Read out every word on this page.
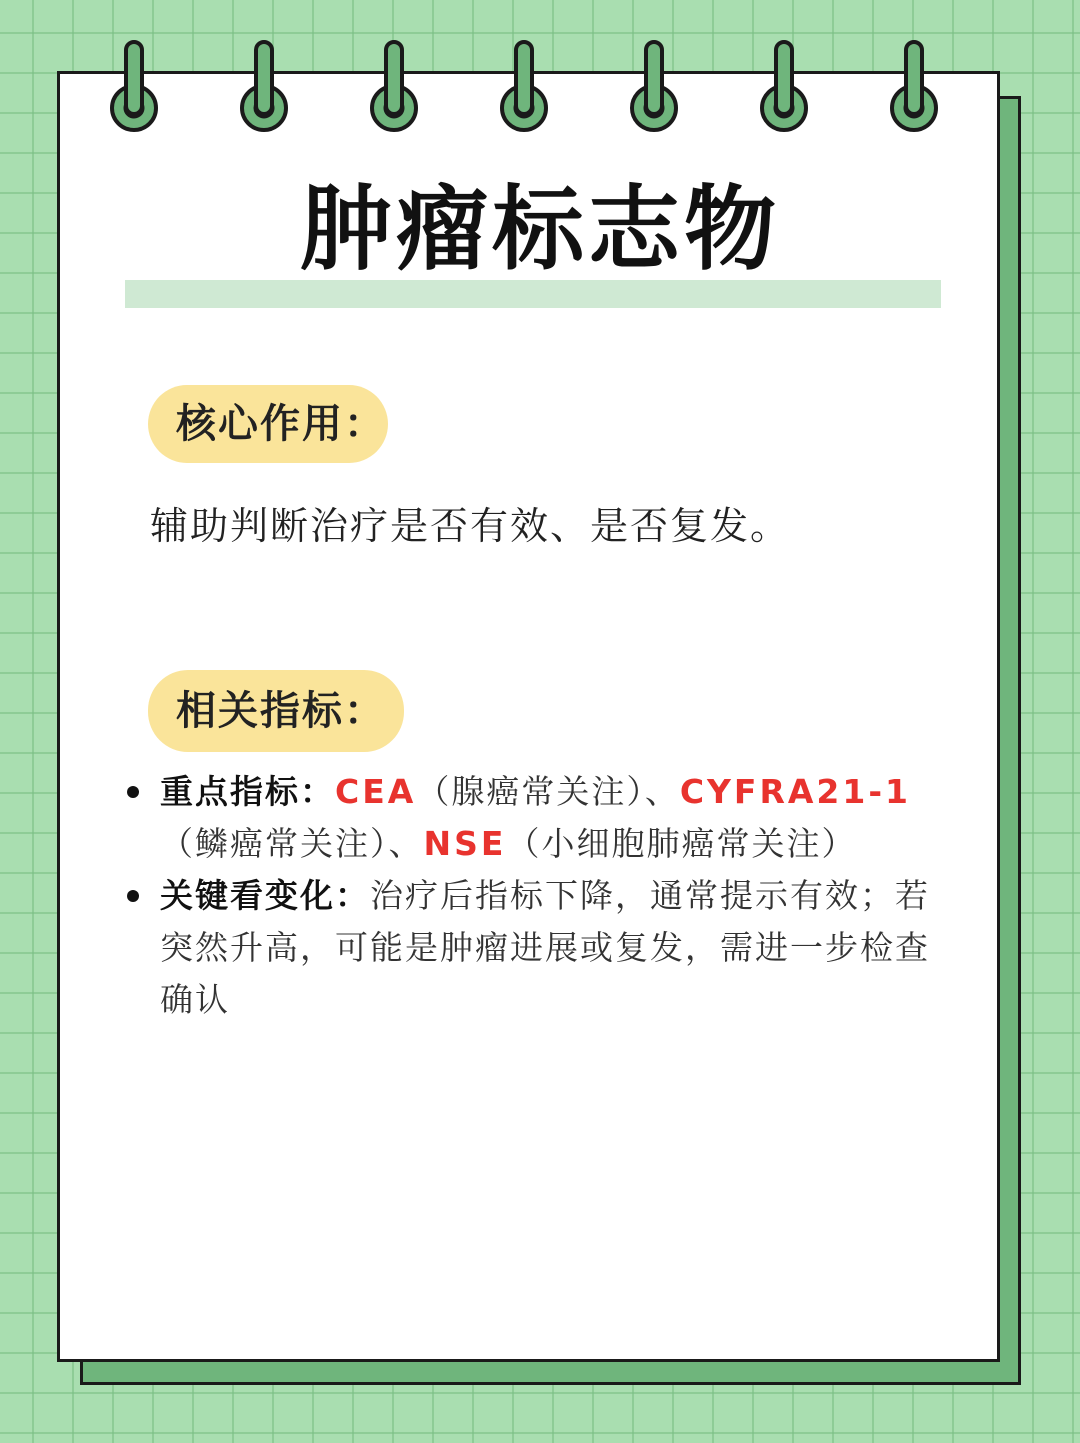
肿瘤标志物
核心作用：
辅助判断治疗是否有效、是否复发。
相关指标：
重点指标：CEA（腺癌常关注）、CYFRA21-1
（鳞癌常关注）、NSE（小细胞肺癌常关注）
关键看变化：治疗后指标下降，通常提示有效；若突然升高，可能是肿瘤进展或复发，需进一步检查确认
